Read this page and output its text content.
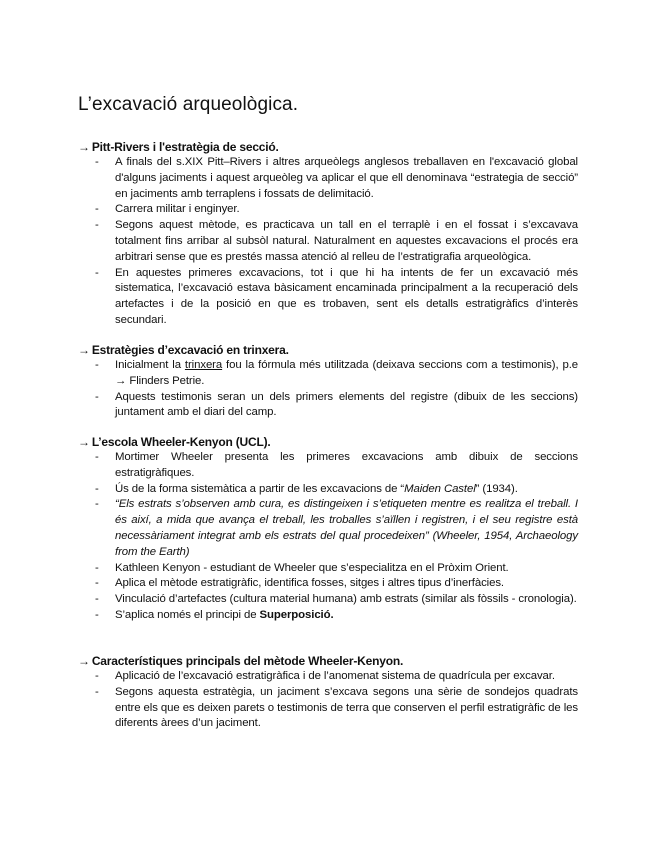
L’excavació arqueològica.

→ Pitt-Rivers i l'estratègia de secció.

- A finals del s.XIX Pitt–Rivers i altres arqueòlegs anglesos treballaven en l'excavació global d'alguns jaciments i aquest arqueòleg va aplicar el que ell denominava “estrategia de secció” en jaciments amb terraplens i fossats de delimitació.
- Carrera militar i enginyer.
- Segons aquest mètode, es practicava un tall en el terraplè i en el fossat i s’excavava totalment fins arribar al subsòl natural. Naturalment en aquestes excavacions el procés era arbitrari sense que es prestés massa atenció al relleu de l’estratigrafia arqueològica.
- En aquestes primeres excavacions, tot i que hi ha intents de fer un excavació més sistematica, l’excavació estava bàsicament encaminada principalment a la recuperació dels artefactes i de la posició en que es trobaven, sent els detalls estratigràfics d’interès secundari.

→ Estratègies d’excavació en trinxera.

- Inicialment la trinxera fou la fórmula més utilitzada (deixava seccions com a testimonis), p.e → Flinders Petrie.
- Aquests testimonis seran un dels primers elements del registre (dibuix de les seccions) juntament amb el diari del camp.

→ L’escola Wheeler-Kenyon (UCL).

- Mortimer Wheeler presenta les primeres excavacions amb dibuix de seccions estratigràfiques.
- Ús de la forma sistemàtica a partir de les excavacions de “Maiden Castel” (1934).
- “Els estrats s’observen amb cura, es distingeixen i s’etiqueten mentre es realitza el treball. I és així, a mida que avança el treball, les troballes s’aïllen i registren, i el seu registre està necessàriament integrat amb els estrats del qual procedeixen” (Wheeler, 1954, Archaeology from the Earth)
- Kathleen Kenyon - estudiant de Wheeler que s’especialitza en el Pròxim Orient.
- Aplica el mètode estratigràfic, identifica fosses, sitges i altres tipus d’inerfàcies.
- Vinculació d’artefactes (cultura material humana) amb estrats (similar als fòssils - cronologia).
- S’aplica només el principi de Superposició.

→ Característiques principals del mètode Wheeler-Kenyon.

- Aplicació de l’excavació estratigràfica i de l’anomenat sistema de quadrícula per excavar.
- Segons aquesta estratègia, un jaciment s’excava segons una sèrie de sondejos quadrats entre els que es deixen parets o testimonis de terra que conserven el perfil estratigràfic de les diferents àrees d’un jaciment.
